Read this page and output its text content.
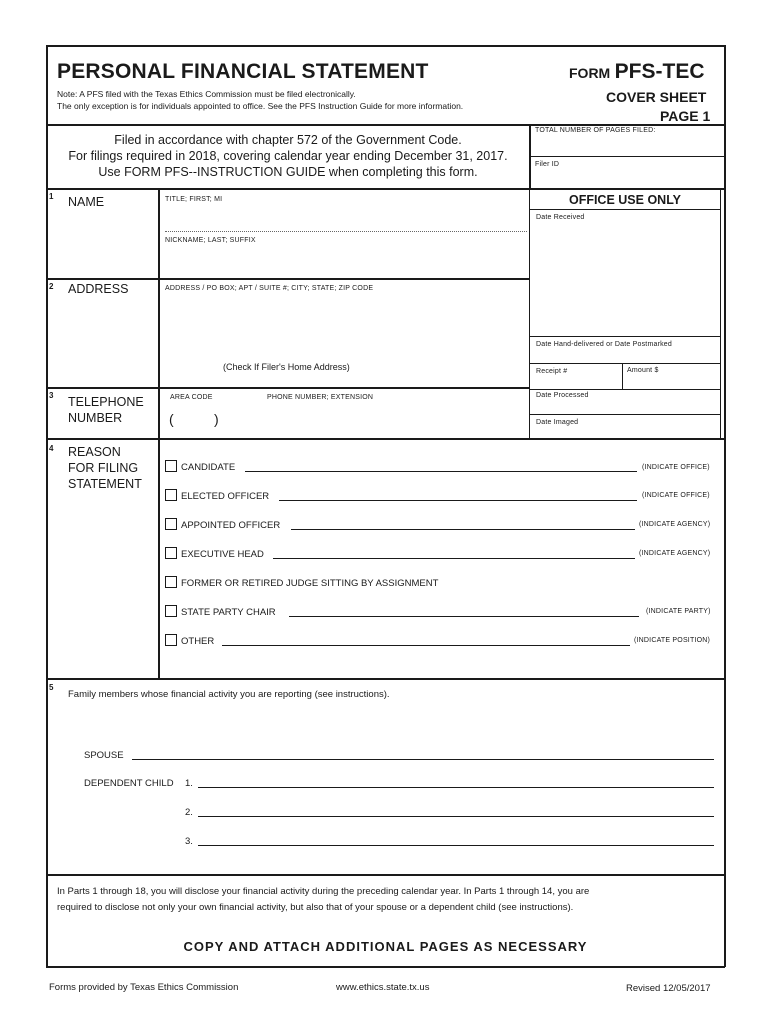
PERSONAL FINANCIAL STATEMENT
Note: A PFS filed with the Texas Ethics Commission must be filed electronically.
The only exception is for individuals appointed to office. See the PFS Instruction Guide for more information.
FORM PFS-TEC
COVER SHEET
PAGE 1
Filed in accordance with chapter 572 of the Government Code.
For filings required in 2018, covering calendar year ending December 31, 2017.
Use FORM PFS--INSTRUCTION GUIDE when completing this form.
TOTAL NUMBER OF PAGES FILED:
Filer ID
OFFICE USE ONLY
Date Received
Date Hand-delivered or Date Postmarked
Receipt #	Amount $
Date Processed
Date Imaged
1 NAME	TITLE; FIRST; MI
NICKNAME; LAST; SUFFIX
2 ADDRESS	ADDRESS / PO BOX; APT / SUITE #; CITY; STATE; ZIP CODE
(Check If Filer's Home Address)
3 TELEPHONE
NUMBER
AREA CODE	PHONE NUMBER; EXTENSION
(	)
4 REASON
FOR FILING
STATEMENT
CANDIDATE	(INDICATE OFFICE)
ELECTED OFFICER	(INDICATE OFFICE)
APPOINTED OFFICER	(INDICATE AGENCY)
EXECUTIVE HEAD	(INDICATE AGENCY)
FORMER OR RETIRED JUDGE SITTING BY ASSIGNMENT
STATE PARTY CHAIR	(INDICATE PARTY)
OTHER	(INDICATE POSITION)
5
Family members whose financial activity you are reporting (see instructions).
SPOUSE
DEPENDENT CHILD 1.
2.
3.
In Parts 1 through 18, you will disclose your financial activity during the preceding calendar year. In Parts 1 through 14, you are
required to disclose not only your own financial activity, but also that of your spouse or a dependent child (see instructions).
COPY AND ATTACH ADDITIONAL PAGES AS NECESSARY
Forms provided by Texas Ethics Commission	www.ethics.state.tx.us	Revised 12/05/2017
